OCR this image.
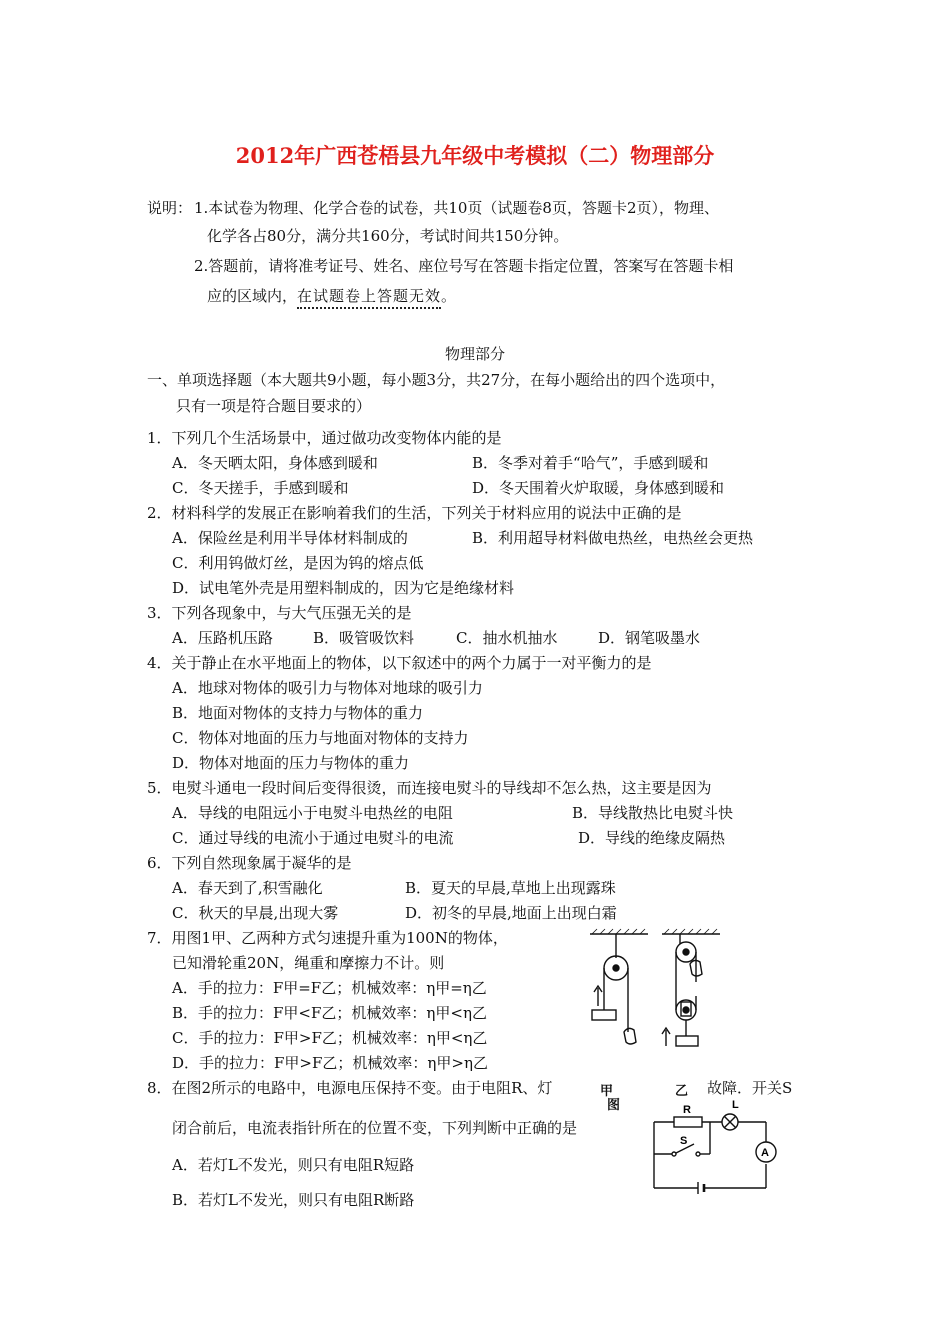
2012年广西苍梧县九年级中考模拟（二）物理部分
说明： 1.本试卷为物理、化学合卷的试卷，共10页（试题卷8页，答题卡2页），物理、
化学各占80分，满分共160分，考试时间共150分钟。
2.答题前，请将准考证号、姓名、座位号写在答题卡指定位置，答案写在答题卡相
应的区域内，在试题卷上答题无效。
物理部分
一、单项选择题（本大题共9小题，每小题3分，共27分，在每小题给出的四个选项中，
只有一项是符合题目要求的）
1．下列几个生活场景中，通过做功改变物体内能的是
A．冬天晒太阳，身体感到暖和	B．冬季对着手“哈气”，手感到暖和
C．冬天搓手，手感到暖和	D．冬天围着火炉取暖，身体感到暖和
2．材料科学的发展正在影响着我们的生活，下列关于材料应用的说法中正确的是
A．保险丝是利用半导体材料制成的	B．利用超导材料做电热丝，电热丝会更热
C．利用钨做灯丝，是因为钨的熔点低
D．试电笔外壳是用塑料制成的，因为它是绝缘材料
3．下列各现象中，与大气压强无关的是
A．压路机压路	B．吸管吸饮料	C．抽水机抽水	D．钢笔吸墨水
4．关于静止在水平地面上的物体，以下叙述中的两个力属于一对平衡力的是
A．地球对物体的吸引力与物体对地球的吸引力
B．地面对物体的支持力与物体的重力
C．物体对地面的压力与地面对物体的支持力
D．物体对地面的压力与物体的重力
5．电熨斗通电一段时间后变得很烫，而连接电熨斗的导线却不怎么热，这主要是因为
A．导线的电阻远小于电熨斗电热丝的电阻	B．导线散热比电熨斗快
C．通过导线的电流小于通过电熨斗的电流	D．导线的绝缘皮隔热
6．下列自然现象属于凝华的是
A．春天到了,积雪融化	B．夏天的早晨,草地上出现露珠
C．秋天的早晨,出现大雾	D．初冬的早晨,地面上出现白霜
7．用图1甲、乙两种方式匀速提升重为100N的物体，
已知滑轮重20N，绳重和摩擦力不计。则
A．手的拉力：F甲=F乙；机械效率：η甲=η乙
B．手的拉力：F甲<F乙；机械效率：η甲<η乙
C．手的拉力：F甲>F乙；机械效率：η甲<η乙
D．手的拉力：F甲>F乙；机械效率：η甲>η乙
8．在图2所示的电路中，电源电压保持不变。由于电阻R、灯	故障．开关S
闭合前后，电流表指针所在的位置不变，下列判断中正确的是
A．若灯L不发光，则只有电阻R短路
B．若灯L不发光，则只有电阻R断路
甲
图
乙
R	L
S
A
